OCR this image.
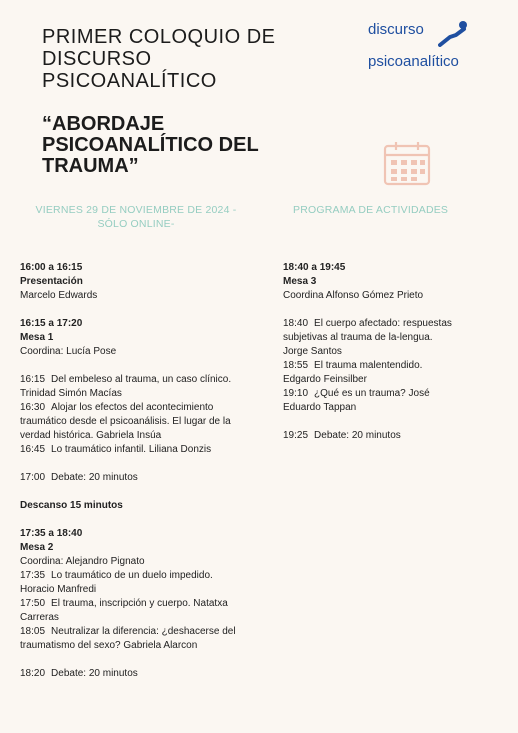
PRIMER COLOQUIO DE
DISCURSO
PSICOANALÍTICO
discurso
psicoanalítico
“ABORDAJE
PSICOANALÍTICO DEL
TRAUMA”
VIERNES 29 DE NOVIEMBRE DE 2024 -
SÓLO ONLINE-
PROGRAMA DE ACTIVIDADES
16:00 a 16:15
Presentación
Marcelo Edwards
16:15 a 17:20
Mesa 1
Coordina: Lucía Pose
16:15 Del embeleso al trauma, un caso clínico.
Trinidad Simón Macías
16:30 Alojar los efectos del acontecimiento
traumático desde el psicoanálisis. El lugar de la
verdad histórica. Gabriela Insúa
16:45 Lo traumático infantil. Liliana Donzis
17:00 Debate: 20 minutos
Descanso 15 minutos
17:35 a 18:40
Mesa 2
Coordina: Alejandro Pignato
17:35 Lo traumático de un duelo impedido.
Horacio Manfredi
17:50 El trauma, inscripción y cuerpo. Natatxa
Carreras
18:05 Neutralizar la diferencia: ¿deshacerse del
traumatismo del sexo? Gabriela Alarcon
18:20 Debate: 20 minutos
18:40 a 19:45
Mesa 3
Coordina Alfonso Gómez Prieto
18:40 El cuerpo afectado: respuestas
subjetivas al trauma de la-lengua.
Jorge Santos
18:55 El trauma malentendido.
Edgardo Feinsilber
19:10 ¿Qué es un trauma? José
Eduardo Tappan
19:25 Debate: 20 minutos
